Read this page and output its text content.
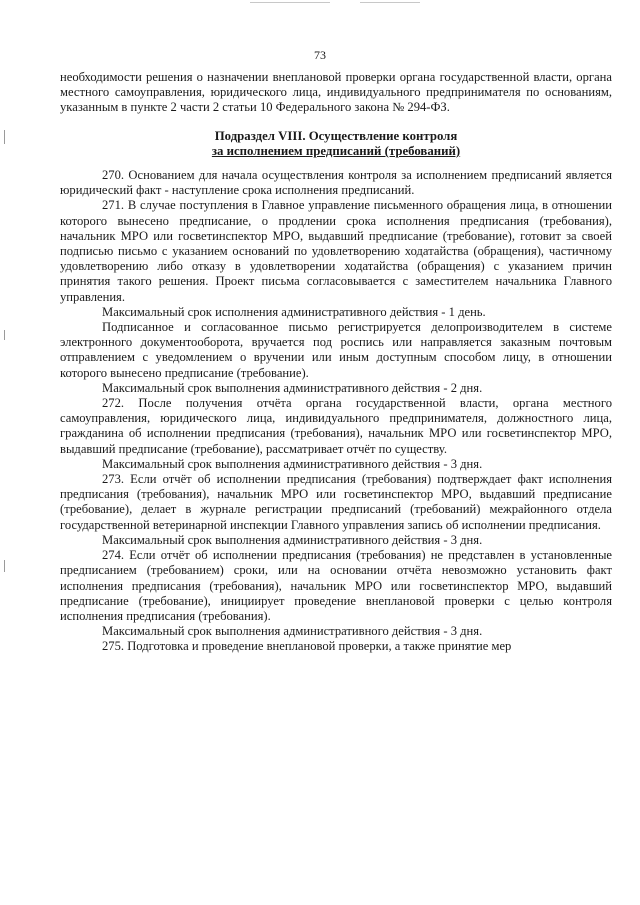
73

необходимости решения о назначении внеплановой проверки органа государственной власти, органа местного самоуправления, юридического лица, индивидуального предпринимателя по основаниям, указанным в пункте 2 части 2 статьи 10 Федерального закона № 294-ФЗ.

Подраздел VIII. Осуществление контроля
за исполнением предписаний (требований)

270. Основанием для начала осуществления контроля за исполнением предписаний является юридический факт - наступление срока исполнения предписаний.

271. В случае поступления в Главное управление письменного обращения лица, в отношении которого вынесено предписание, о продлении срока исполнения предписания (требования), начальник МРО или госветинспектор МРО, выдавший предписание (требование), готовит за своей подписью письмо с указанием оснований по удовлетворению ходатайства (обращения), частичному удовлетворению либо отказу в удовлетворении ходатайства (обращения) с указанием причин принятия такого решения. Проект письма согласовывается с заместителем начальника Главного управления.

Максимальный срок исполнения административного действия - 1 день.

Подписанное и согласованное письмо регистрируется делопроизводителем в системе электронного документооборота, вручается под роспись или направляется заказным почтовым отправлением с уведомлением о вручении или иным доступным способом лицу, в отношении которого вынесено предписание (требование).

Максимальный срок выполнения административного действия - 2 дня.

272. После получения отчёта органа государственной власти, органа местного самоуправления, юридического лица, индивидуального предпринимателя, должностного лица, гражданина об исполнении предписания (требования), начальник МРО или госветинспектор МРО, выдавший предписание (требование), рассматривает отчёт по существу.

Максимальный срок выполнения административного действия - 3 дня.

273. Если отчёт об исполнении предписания (требования) подтверждает факт исполнения предписания (требования), начальник МРО или госветинспектор МРО, выдавший предписание (требование), делает в журнале регистрации предписаний (требований) межрайонного отдела государственной ветеринарной инспекции Главного управления запись об исполнении предписания.

Максимальный срок выполнения административного действия - 3 дня.

274. Если отчёт об исполнении предписания (требования) не представлен в установленные предписанием (требованием) сроки, или на основании отчёта невозможно установить факт исполнения предписания (требования), начальник МРО или госветинспектор МРО, выдавший предписание (требование), инициирует проведение внеплановой проверки с целью контроля исполнения предписания (требования).

Максимальный срок выполнения административного действия - 3 дня.

275. Подготовка и проведение внеплановой проверки, а также принятие мер
